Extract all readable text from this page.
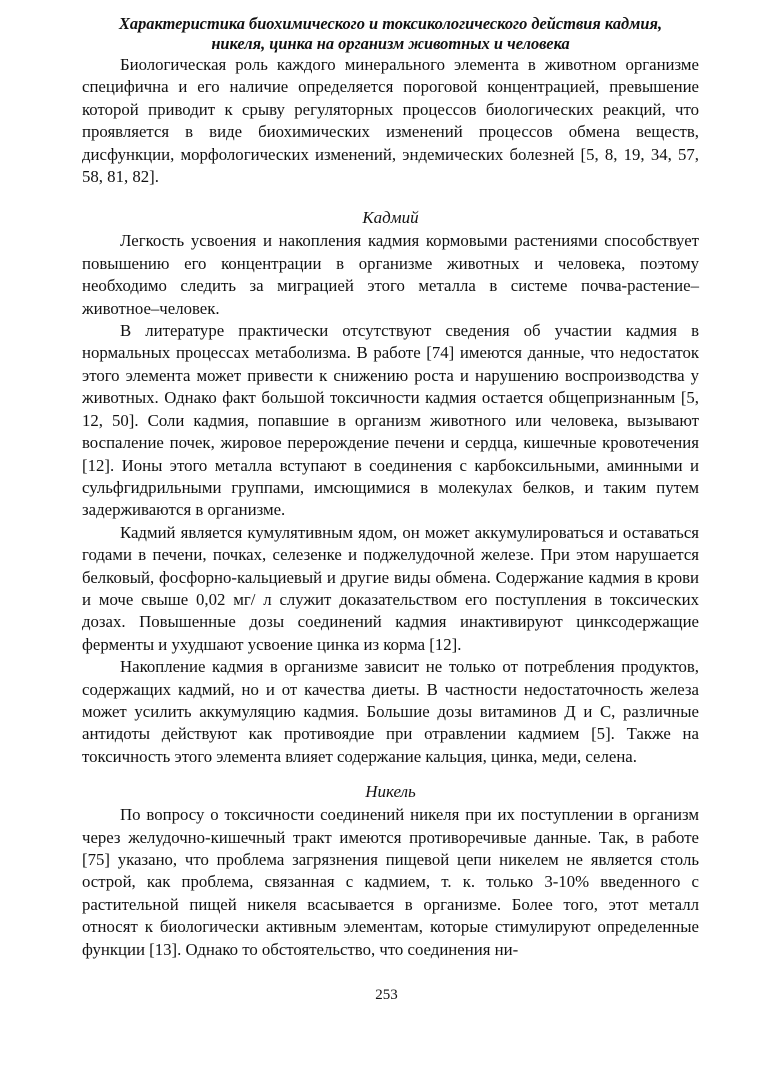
Характеристика биохимического и токсикологического действия кадмия,
никеля, цинка на организм животных и человека

Биологическая роль каждого минерального элемента в животном организме специфична и его наличие определяется пороговой концентрацией, превышение которой приводит к срыву регуляторных процессов биологических реакций, что проявляется в виде биохимических изменений процессов обмена веществ, дисфункции, морфологических изменений, эндемических болезней [5, 8, 19, 34, 57, 58, 81, 82].

Кадмий

Легкость усвоения и накопления кадмия кормовыми растениями способствует повышению его концентрации в организме животных и человека, поэтому необходимо следить за миграцией этого металла в системе почва-растение–животное–человек.

В литературе практически отсутствуют сведения об участии кадмия в нормальных процессах метаболизма. В работе [74] имеются данные, что недостаток этого элемента может привести к снижению роста и нарушению воспроизводства у животных. Однако факт большой токсичности кадмия остается общепризнанным [5, 12, 50]. Соли кадмия, попавшие в организм животного или человека, вызывают воспаление почек, жировое перерождение печени и сердца, кишечные кровотечения [12]. Ионы этого металла вступают в соединения с карбоксильными, аминными и сульфгидрильными группами, имсющимися в молекулах белков, и таким путем задерживаются в организме.

Кадмий является кумулятивным ядом, он может аккумулироваться и оставаться годами в печени, почках, селезенке и поджелудочной железе. При этом нарушается белковый, фосфорно-кальциевый и другие виды обмена. Содержание кадмия в крови и моче свыше 0,02 мг/ л служит доказательством его поступления в токсических дозах. Повышенные дозы соединений кадмия инактивируют цинксодержащие ферменты и ухудшают усвоение цинка из корма [12].

Накопление кадмия в организме зависит не только от потребления продуктов, содержащих кадмий, но и от качества диеты. В частности недостаточность железа может усилить аккумуляцию кадмия. Большие дозы витаминов Д и С, различные антидоты действуют как противоядие при отравлении кадмием [5]. Также на токсичность этого элемента влияет содержание кальция, цинка, меди, селена.

Никель

По вопросу о токсичности соединений никеля при их поступлении в организм через желудочно-кишечный тракт имеются противоречивые данные. Так, в работе [75] указано, что проблема загрязнения пищевой цепи никелем не является столь острой, как проблема, связанная с кадмием, т. к. только 3-10% введенного с растительной пищей никеля всасывается в организме. Более того, этот металл относят к биологически активным элементам, которые стимулируют определенные функции [13]. Однако то обстоятельство, что соединения ни-

253
